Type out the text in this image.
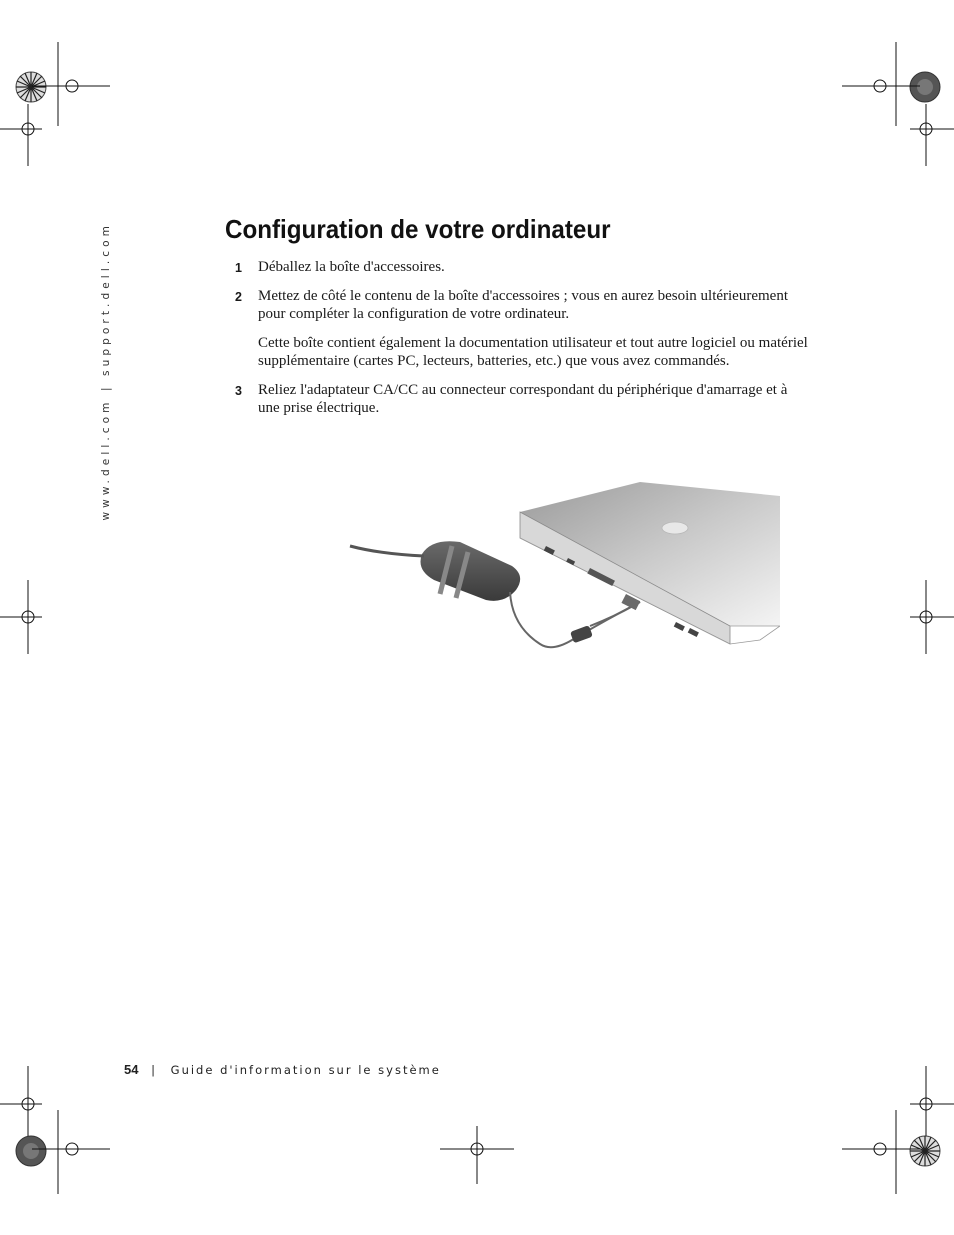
www.dell.com | support.dell.com	Configuration de votre ordinateur
1 Déballez la boîte d'accessoires.
2 Mettez de côté le contenu de la boîte d'accessoires ; vous en aurez besoin ultérieurement pour compléter la configuration de votre ordinateur.
Cette boîte contient également la documentation utilisateur et tout autre logiciel ou matériel supplémentaire (cartes PC, lecteurs, batteries, etc.) que vous avez commandés.
3 Reliez l'adaptateur CA/CC au connecteur correspondant du périphérique d'amarrage et à une prise électrique.
54 | Guide d'information sur le système
